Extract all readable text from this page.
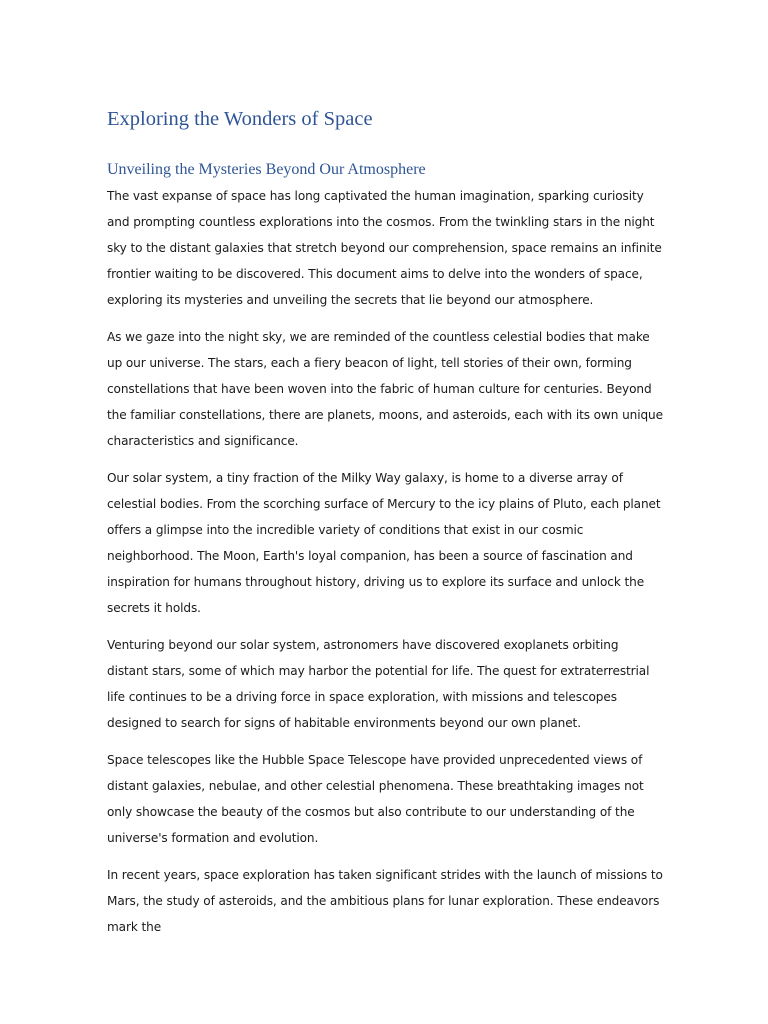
Exploring the Wonders of Space
Unveiling the Mysteries Beyond Our Atmosphere

The vast expanse of space has long captivated the human imagination, sparking curiosity and prompting countless explorations into the cosmos. From the twinkling stars in the night sky to the distant galaxies that stretch beyond our comprehension, space remains an infinite frontier waiting to be discovered. This document aims to delve into the wonders of space, exploring its mysteries and unveiling the secrets that lie beyond our atmosphere.

As we gaze into the night sky, we are reminded of the countless celestial bodies that make up our universe. The stars, each a fiery beacon of light, tell stories of their own, forming constellations that have been woven into the fabric of human culture for centuries. Beyond the familiar constellations, there are planets, moons, and asteroids, each with its own unique characteristics and significance.

Our solar system, a tiny fraction of the Milky Way galaxy, is home to a diverse array of celestial bodies. From the scorching surface of Mercury to the icy plains of Pluto, each planet offers a glimpse into the incredible variety of conditions that exist in our cosmic neighborhood. The Moon, Earth's loyal companion, has been a source of fascination and inspiration for humans throughout history, driving us to explore its surface and unlock the secrets it holds.

Venturing beyond our solar system, astronomers have discovered exoplanets orbiting distant stars, some of which may harbor the potential for life. The quest for extraterrestrial life continues to be a driving force in space exploration, with missions and telescopes designed to search for signs of habitable environments beyond our own planet.

Space telescopes like the Hubble Space Telescope have provided unprecedented views of distant galaxies, nebulae, and other celestial phenomena. These breathtaking images not only showcase the beauty of the cosmos but also contribute to our understanding of the universe's formation and evolution.

In recent years, space exploration has taken significant strides with the launch of missions to Mars, the study of asteroids, and the ambitious plans for lunar exploration. These endeavors mark the
